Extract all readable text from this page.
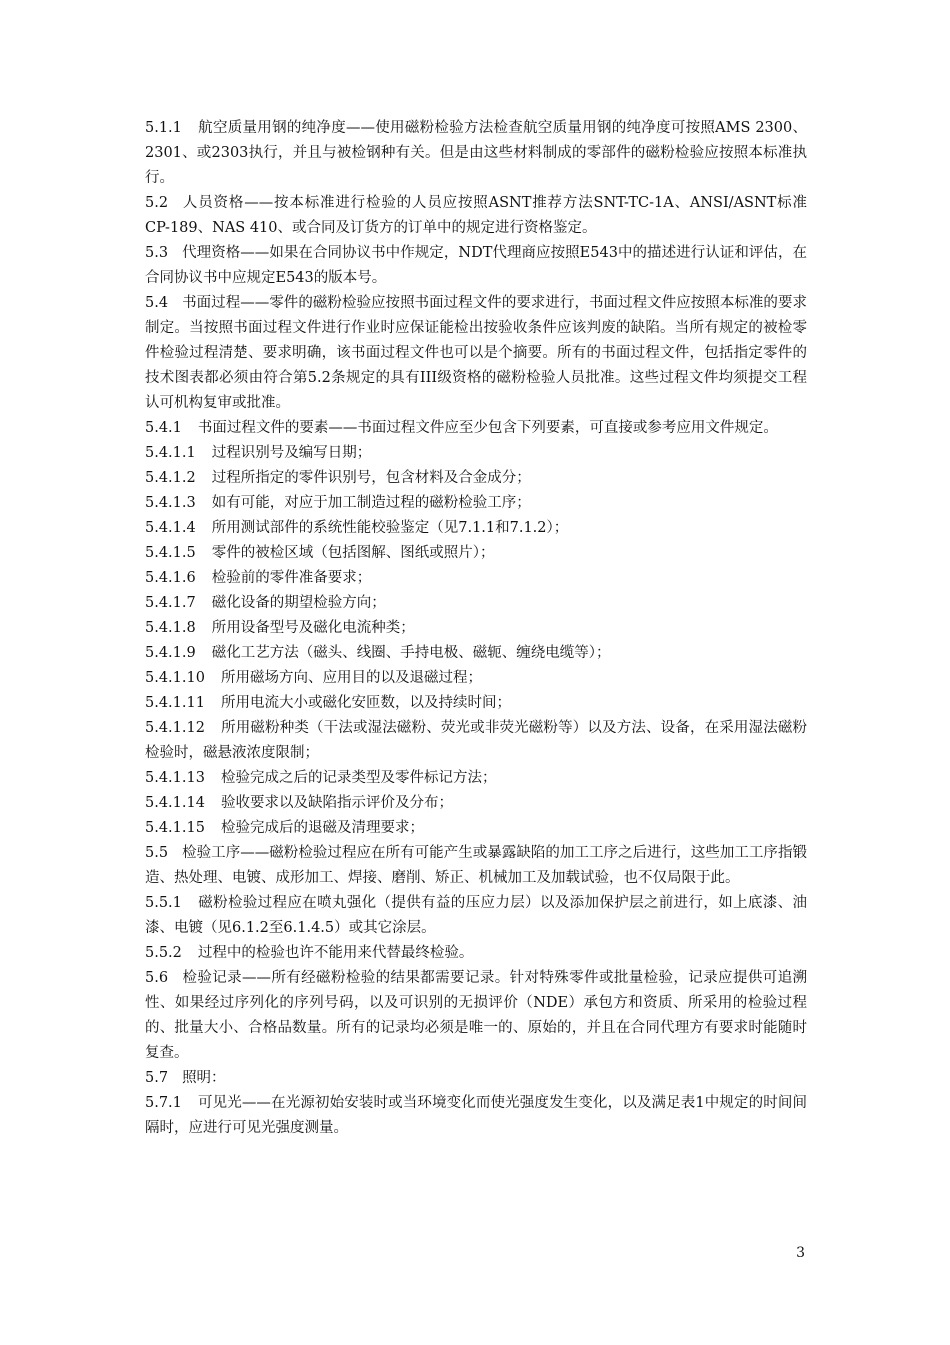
5.1.1 航空质量用钢的纯净度——使用磁粉检验方法检查航空质量用钢的纯净度可按照AMS 2300、2301、或2303执行，并且与被检钢种有关。但是由这些材料制成的零部件的磁粉检验应按照本标准执行。

5.2 人员资格——按本标准进行检验的人员应按照ASNT推荐方法SNT-TC-1A、ANSI/ASNT标准CP-189、NAS 410、或合同及订货方的订单中的规定进行资格鉴定。

5.3 代理资格——如果在合同协议书中作规定，NDT代理商应按照E543中的描述进行认证和评估，在合同协议书中应规定E543的版本号。

5.4 书面过程——零件的磁粉检验应按照书面过程文件的要求进行，书面过程文件应按照本标准的要求制定。当按照书面过程文件进行作业时应保证能检出按验收条件应该判废的缺陷。当所有规定的被检零件检验过程清楚、要求明确，该书面过程文件也可以是个摘要。所有的书面过程文件，包括指定零件的技术图表都必须由符合第5.2条规定的具有III级资格的磁粉检验人员批准。这些过程文件均须提交工程认可机构复审或批准。

5.4.1 书面过程文件的要素——书面过程文件应至少包含下列要素，可直接或参考应用文件规定。

5.4.1.1 过程识别号及编写日期；

5.4.1.2 过程所指定的零件识别号，包含材料及合金成分；

5.4.1.3 如有可能，对应于加工制造过程的磁粉检验工序；

5.4.1.4 所用测试部件的系统性能校验鉴定（见7.1.1和7.1.2）；

5.4.1.5 零件的被检区域（包括图解、图纸或照片）；

5.4.1.6 检验前的零件准备要求；

5.4.1.7 磁化设备的期望检验方向；

5.4.1.8 所用设备型号及磁化电流种类；

5.4.1.9 磁化工艺方法（磁头、线圈、手持电极、磁轭、缠绕电缆等）；

5.4.1.10 所用磁场方向、应用目的以及退磁过程；

5.4.1.11 所用电流大小或磁化安匝数，以及持续时间；

5.4.1.12 所用磁粉种类（干法或湿法磁粉、荧光或非荧光磁粉等）以及方法、设备，在采用湿法磁粉检验时，磁悬液浓度限制；

5.4.1.13 检验完成之后的记录类型及零件标记方法；

5.4.1.14 验收要求以及缺陷指示评价及分布；

5.4.1.15 检验完成后的退磁及清理要求；

5.5 检验工序——磁粉检验过程应在所有可能产生或暴露缺陷的加工工序之后进行，这些加工工序指锻造、热处理、电镀、成形加工、焊接、磨削、矫正、机械加工及加载试验，也不仅局限于此。

5.5.1 磁粉检验过程应在喷丸强化（提供有益的压应力层）以及添加保护层之前进行，如上底漆、油漆、电镀（见6.1.2至6.1.4.5）或其它涂层。

5.5.2 过程中的检验也许不能用来代替最终检验。

5.6 检验记录——所有经磁粉检验的结果都需要记录。针对特殊零件或批量检验，记录应提供可追溯性、如果经过序列化的序列号码，以及可识别的无损评价（NDE）承包方和资质、所采用的检验过程的、批量大小、合格品数量。所有的记录均必须是唯一的、原始的，并且在合同代理方有要求时能随时复查。

5.7 照明：

5.7.1 可见光——在光源初始安装时或当环境变化而使光强度发生变化，以及满足表1中规定的时间间隔时，应进行可见光强度测量。

3
